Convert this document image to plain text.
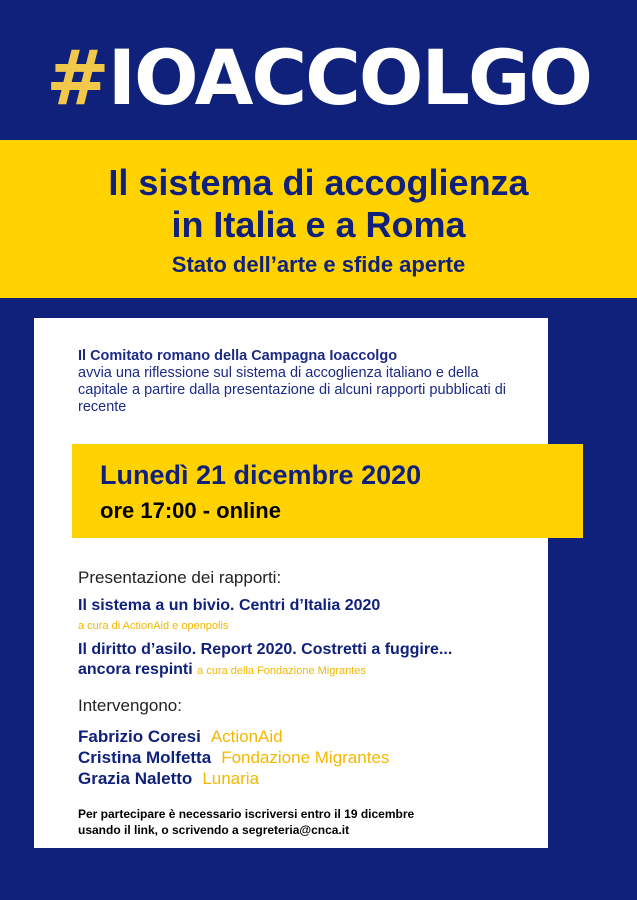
#IOACCOLGO
Il sistema di accoglienza
in Italia e a Roma
Stato dell’arte e sfide aperte
Il Comitato romano della Campagna Ioaccolgo
avvia una riflessione sul sistema di accoglienza italiano e della capitale a partire dalla presentazione di alcuni rapporti pubblicati di recente
Lunedì 21 dicembre 2020
ore 17:00 - online
Presentazione dei rapporti:
Il sistema a un bivio. Centri d’Italia 2020
a cura di ActionAid e openpolis
Il diritto d’asilo. Report 2020. Costretti a fuggire...
ancora respinti a cura della Fondazione Migrantes
Intervengono:
Fabrizio Coresi ActionAid
Cristina Molfetta Fondazione Migrantes
Grazia Naletto Lunaria
Per partecipare è necessario iscriversi entro il 19 dicembre
usando il link, o scrivendo a segreteria@cnca.it
